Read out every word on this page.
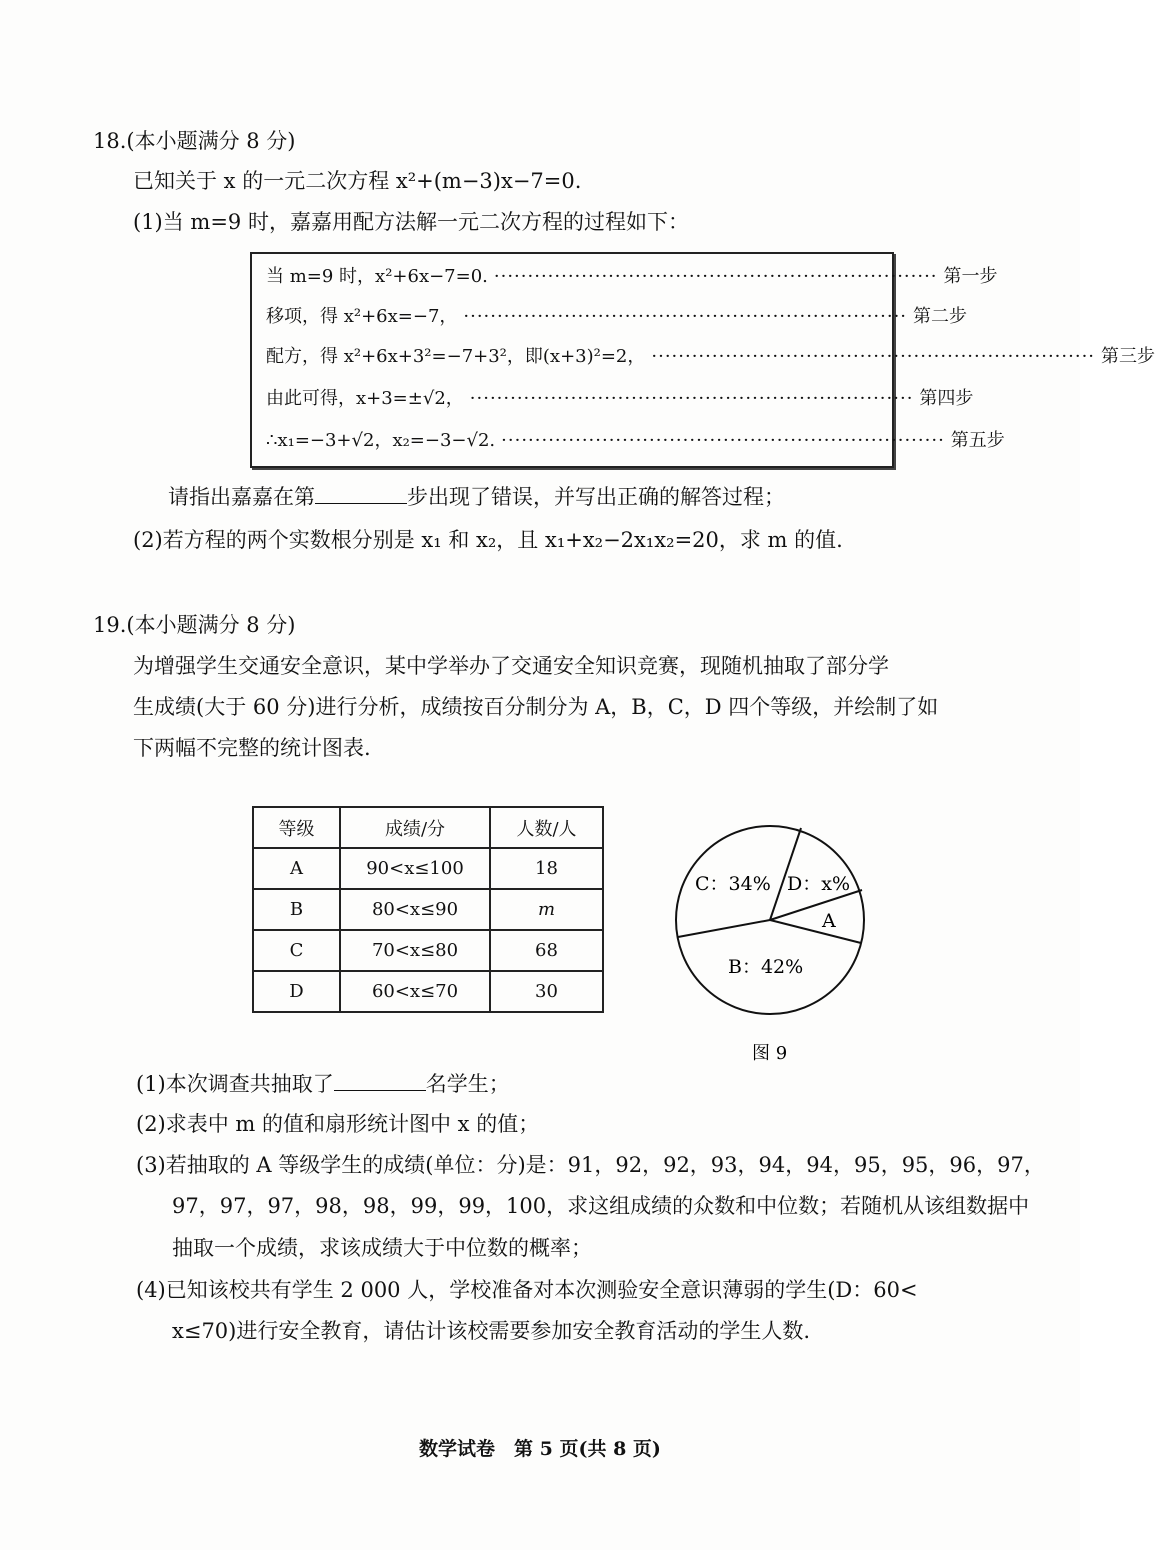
18.(本小题满分 8 分)
已知关于 x 的一元二次方程 x²+(m−3)x−7=0.
(1)当 m=9 时，嘉嘉用配方法解一元二次方程的过程如下：
当 m=9 时，x²+6x−7=0. ·································································· 第一步
移项，得 x²+6x=−7， ·································································· 第二步
配方，得 x²+6x+3²=−7+3²，即(x+3)²=2， ·································································· 第三步
由此可得，x+3=±√2， ·································································· 第四步
∴x₁=−3+√2，x₂=−3−√2. ·································································· 第五步
请指出嘉嘉在第	步出现了错误，并写出正确的解答过程；
(2)若方程的两个实数根分别是 x₁ 和 x₂，且 x₁+x₂−2x₁x₂=20，求 m 的值.
19.(本小题满分 8 分)
为增强学生交通安全意识，某中学举办了交通安全知识竞赛，现随机抽取了部分学
生成绩(大于 60 分)进行分析，成绩按百分制分为 A，B，C，D 四个等级，并绘制了如
下两幅不完整的统计图表.
等级	成绩/分	人数/人
A	90<x≤100	18
B	80<x≤90	m
C	70<x≤80	68
D	60<x≤70	30
C：34% D：x%
A
B：42%
图 9
(1)本次调查共抽取了	名学生；
(2)求表中 m 的值和扇形统计图中 x 的值；
(3)若抽取的 A 等级学生的成绩(单位：分)是：91，92，92，93，94，94，95，95，96，97，
97，97，97，98，98，99，99，100，求这组成绩的众数和中位数；若随机从该组数据中
抽取一个成绩，求该成绩大于中位数的概率；
(4)已知该校共有学生 2 000 人，学校准备对本次测验安全意识薄弱的学生(D：60<
x≤70)进行安全教育，请估计该校需要参加安全教育活动的学生人数.
数学试卷　第 5 页(共 8 页)
